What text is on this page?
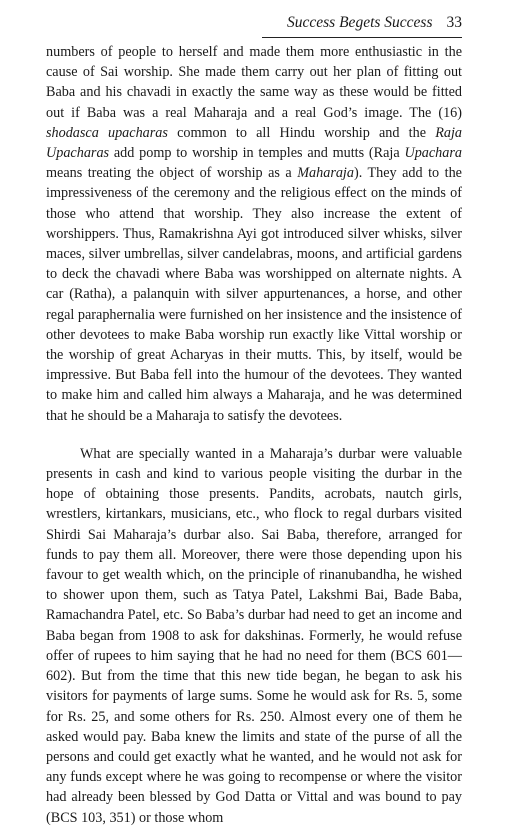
Success Begets Success 33

numbers of people to herself and made them more enthusiastic in the cause of Sai worship. She made them carry out her plan of fitting out Baba and his chavadi in exactly the same way as these would be fitted out if Baba was a real Maharaja and a real God’s image. The (16) shodasca upacharas common to all Hindu worship and the Raja Upacharas add pomp to worship in temples and mutts (Raja Upachara means treating the object of worship as a Maharaja). They add to the impressiveness of the ceremony and the religious effect on the minds of those who attend that worship. They also increase the extent of worshippers. Thus, Ramakrishna Ayi got introduced silver whisks, silver maces, silver umbrellas, silver candelabras, moons, and artificial gardens to deck the chavadi where Baba was worshipped on alternate nights. A car (Ratha), a palanquin with silver appurtenances, a horse, and other regal paraphernalia were furnished on her insistence and the insistence of other devotees to make Baba worship run exactly like Vittal worship or the worship of great Acharyas in their mutts. This, by itself, would be impressive. But Baba fell into the humour of the devotees. They wanted to make him and called him always a Maharaja, and he was determined that he should be a Maharaja to satisfy the devotees.

What are specially wanted in a Maharaja’s durbar were valuable presents in cash and kind to various people visiting the durbar in the hope of obtaining those presents. Pandits, acrobats, nautch girls, wrestlers, kirtankars, musicians, etc., who flock to regal durbars visited Shirdi Sai Maharaja’s durbar also. Sai Baba, therefore, arranged for funds to pay them all. Moreover, there were those depending upon his favour to get wealth which, on the principle of rinanubandha, he wished to shower upon them, such as Tatya Patel, Lakshmi Bai, Bade Baba, Ramachandra Patel, etc. So Baba’s durbar had need to get an income and Baba began from 1908 to ask for dakshinas. Formerly, he would refuse offer of rupees to him saying that he had no need for them (BCS 601—602). But from the time that this new tide began, he began to ask his visitors for payments of large sums. Some he would ask for Rs. 5, some for Rs. 25, and some others for Rs. 250. Almost every one of them he asked would pay. Baba knew the limits and state of the purse of all the persons and could get exactly what he wanted, and he would not ask for any funds except where he was going to recompense or where the visitor had already been blessed by God Datta or Vittal and was bound to pay (BCS 103, 351) or those whom
